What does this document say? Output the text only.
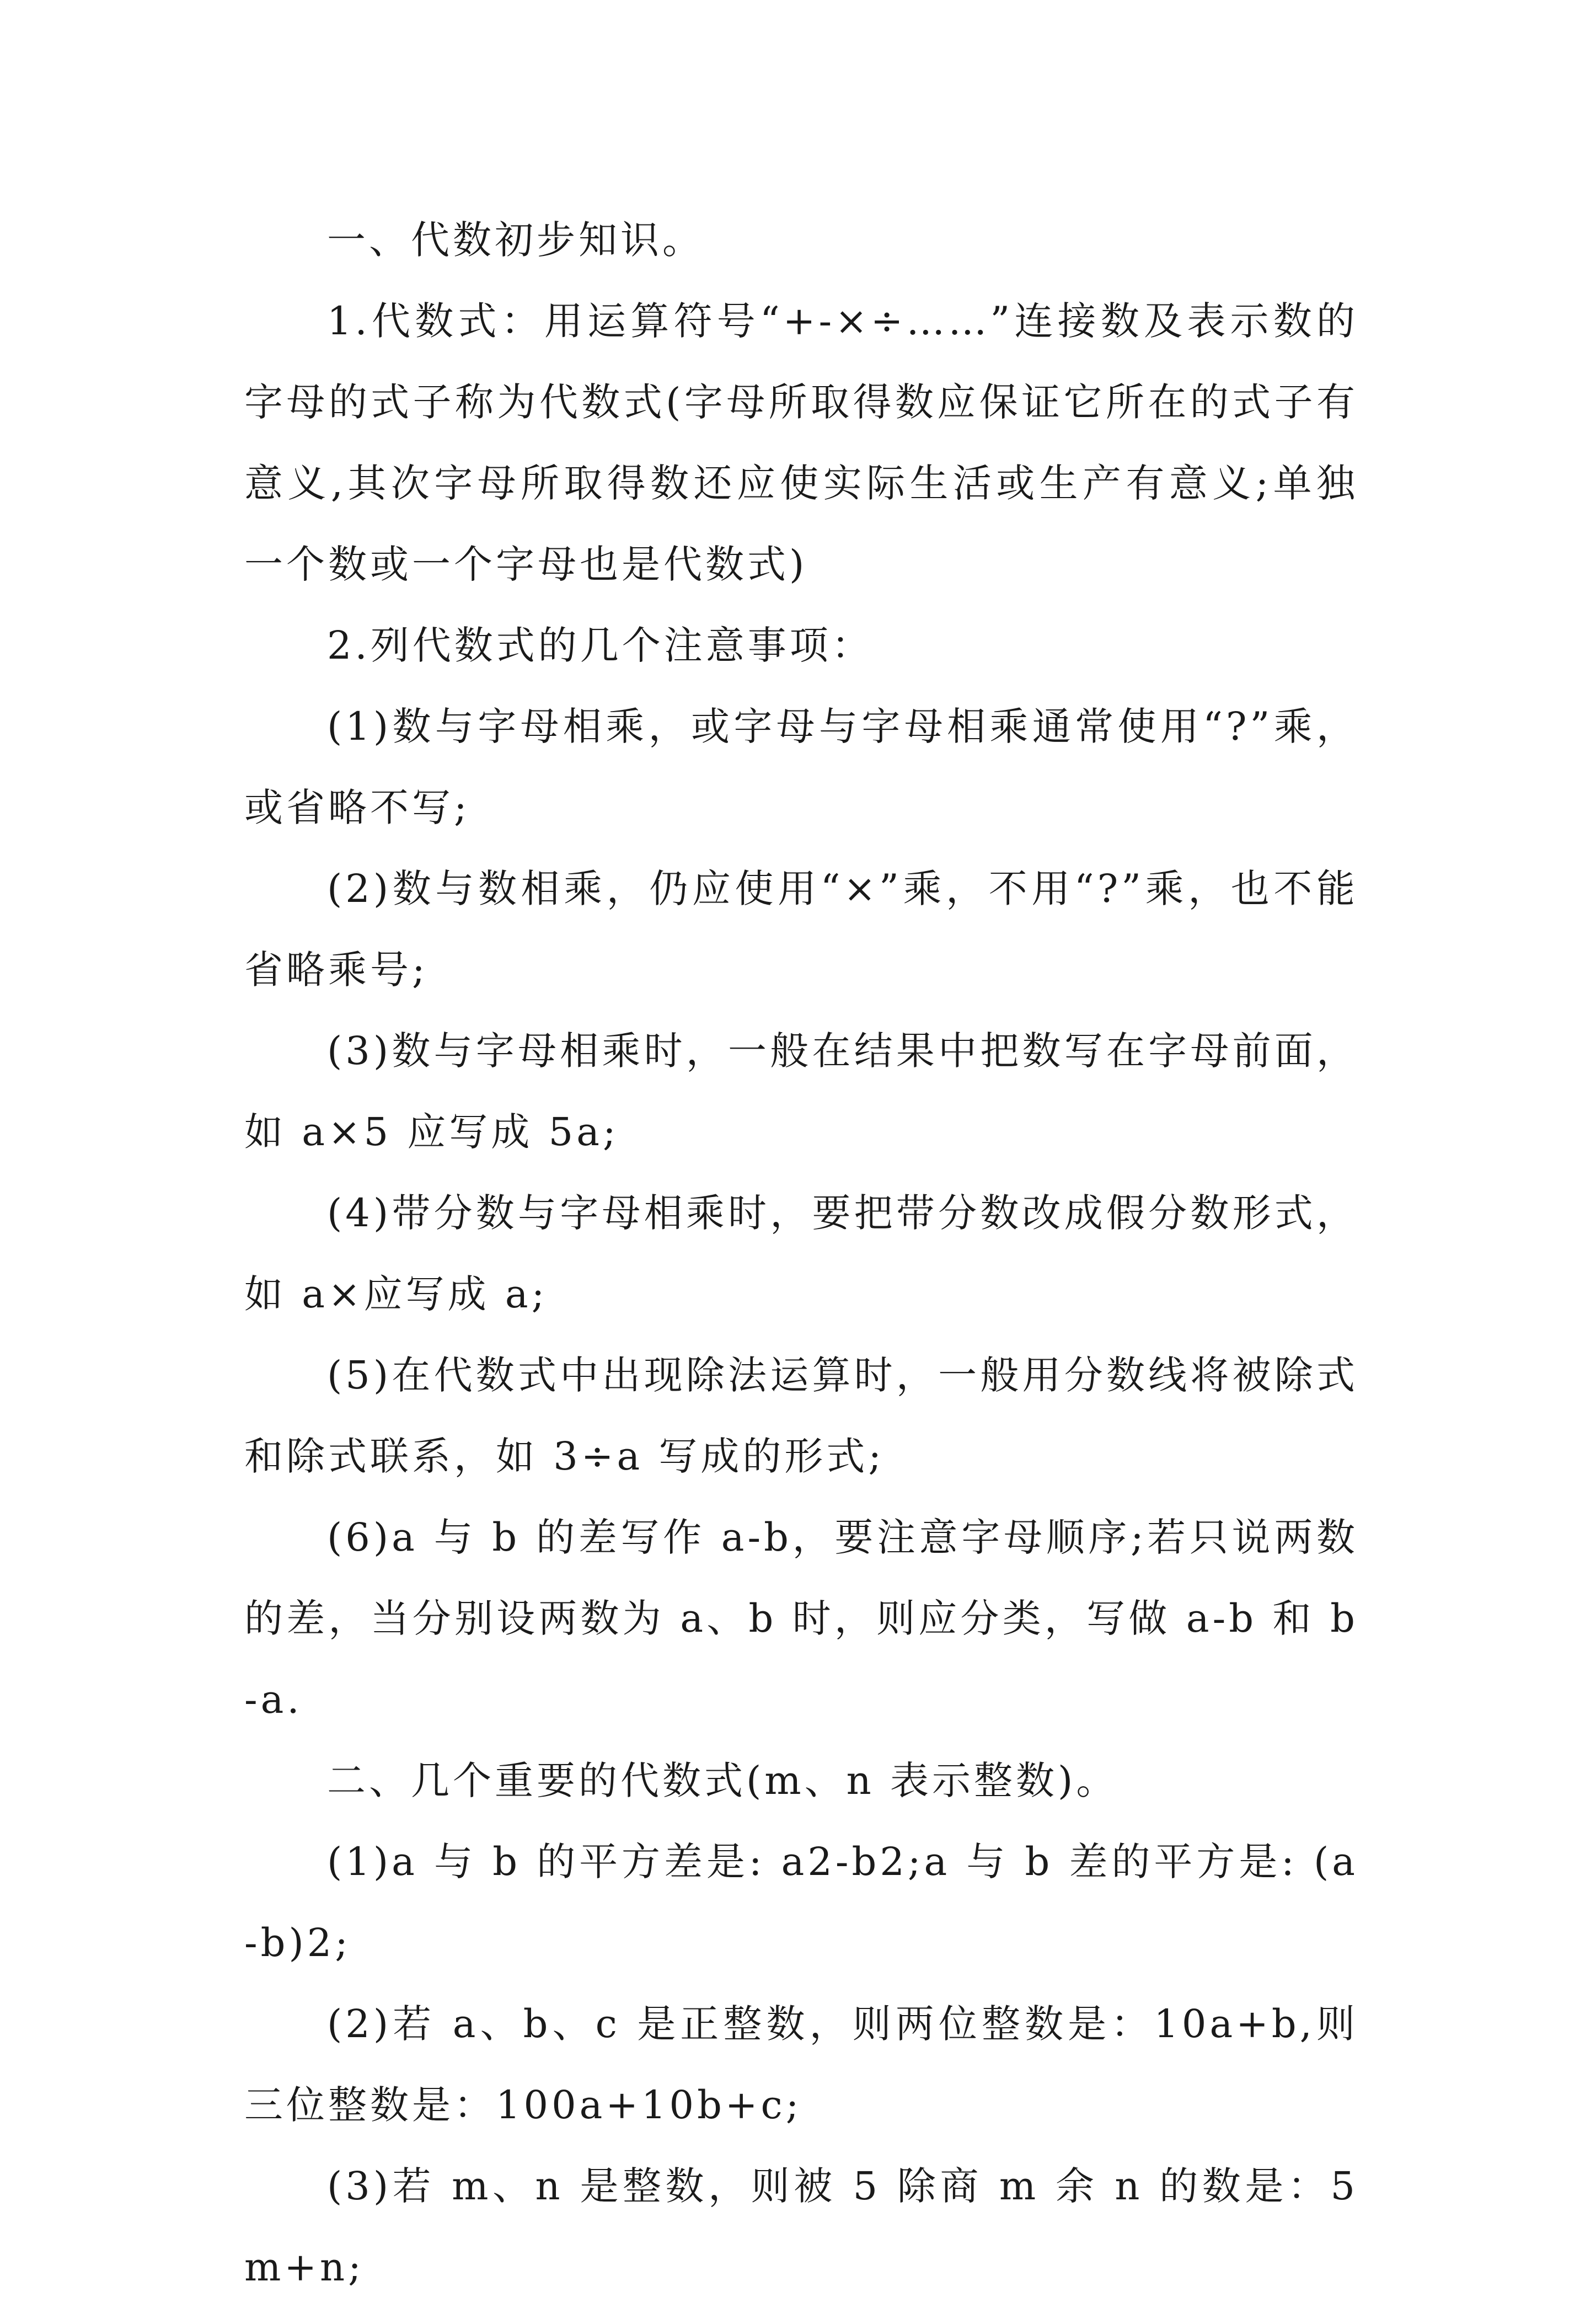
一、代数初步知识。

1.代数式：用运算符号“+-×÷……”连接数及表示数的字母的式子称为代数式(字母所取得数应保证它所在的式子有意义,其次字母所取得数还应使实际生活或生产有意义;单独一个数或一个字母也是代数式)

2.列代数式的几个注意事项：

(1)数与字母相乘，或字母与字母相乘通常使用“?”乘，或省略不写;

(2)数与数相乘，仍应使用“×”乘，不用“?”乘，也不能省略乘号;

(3)数与字母相乘时，一般在结果中把数写在字母前面，如 a×5 应写成 5a;

(4)带分数与字母相乘时，要把带分数改成假分数形式，如 a×应写成 a;

(5)在代数式中出现除法运算时，一般用分数线将被除式和除式联系，如 3÷a 写成的形式;

(6)a 与 b 的差写作 a-b，要注意字母顺序;若只说两数的差，当分别设两数为 a、b 时，则应分类，写做 a-b 和 b-a.

二、几个重要的代数式(m、n 表示整数)。

(1)a 与 b 的平方差是: a2-b2;a 与 b 差的平方是: (a-b)2;

(2)若 a、b、c 是正整数，则两位整数是：10a+b,则三位整数是：100a+10b+c;

(3)若 m、n 是整数，则被 5 除商 m 余 n 的数是：5m+n;
